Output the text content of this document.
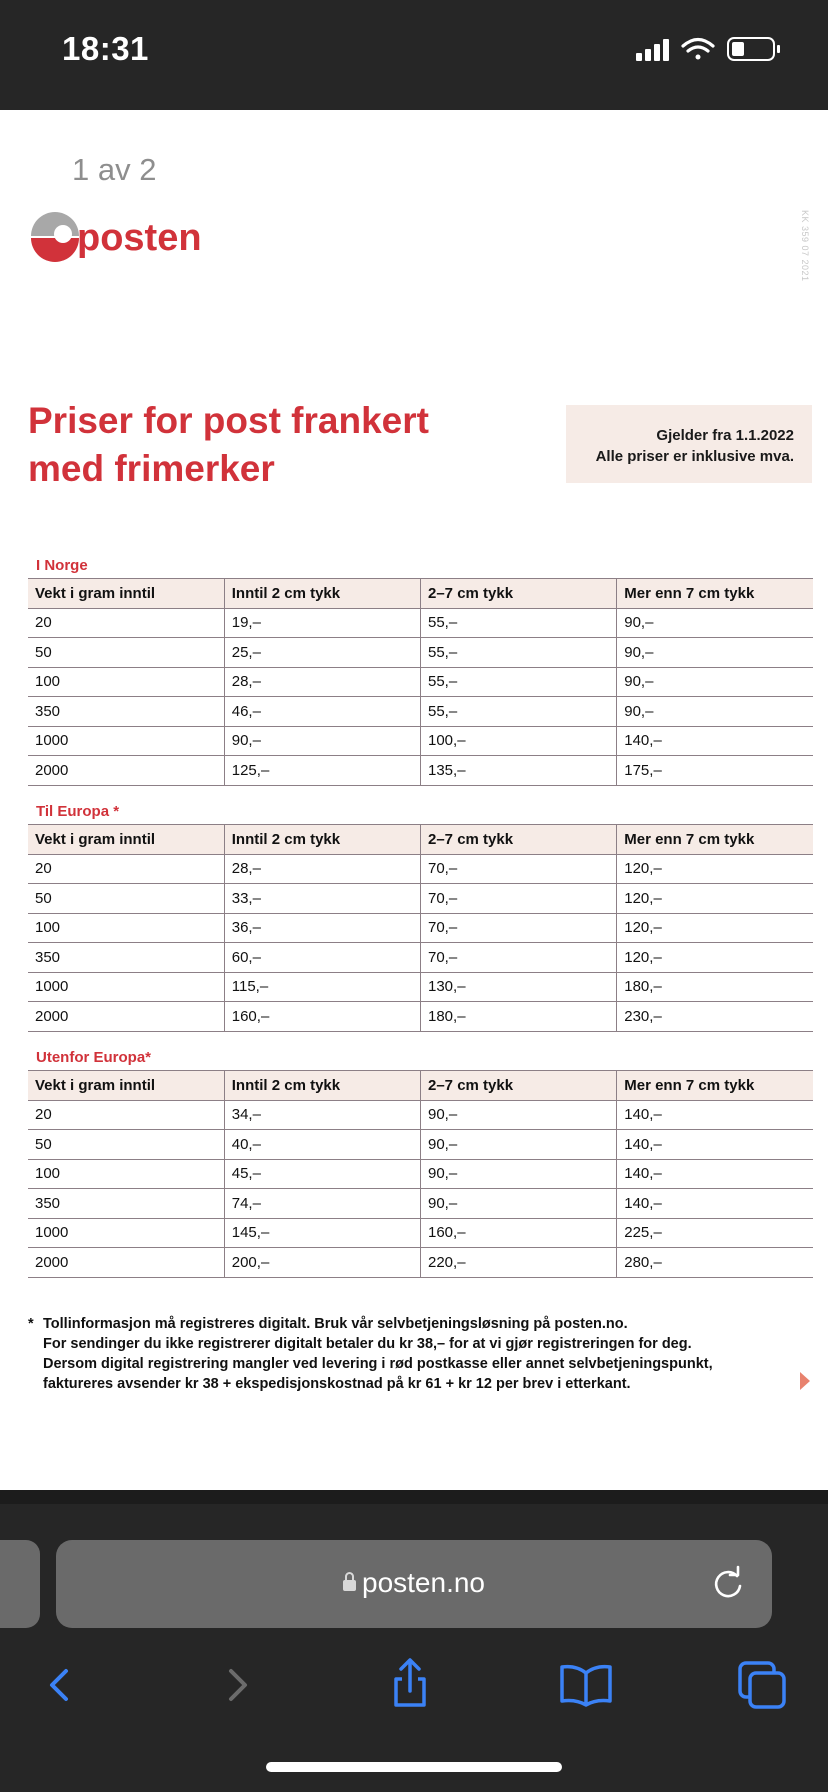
18:31
1 av 2
posten	KK 359 07 2021
Priser for post frankert
med frimerker
Gjelder fra 1.1.2022
Alle priser er inklusive mva.
I Norge
Vekt i gram inntil	Inntil 2 cm tykk	2–7 cm tykk	Mer enn 7 cm tykk
20	19,–	55,–	90,–
50	25,–	55,–	90,–
100	28,–	55,–	90,–
350	46,–	55,–	90,–
1000	90,–	100,–	140,–
2000	125,–	135,–	175,–
Til Europa *
Vekt i gram inntil	Inntil 2 cm tykk	2–7 cm tykk	Mer enn 7 cm tykk
20	28,–	70,–	120,–
50	33,–	70,–	120,–
100	36,–	70,–	120,–
350	60,–	70,–	120,–
1000	115,–	130,–	180,–
2000	160,–	180,–	230,–
Utenfor Europa*
Vekt i gram inntil	Inntil 2 cm tykk	2–7 cm tykk	Mer enn 7 cm tykk
20	34,–	90,–	140,–
50	40,–	90,–	140,–
100	45,–	90,–	140,–
350	74,–	90,–	140,–
1000	145,–	160,–	225,–
2000	200,–	220,–	280,–
* Tollinformasjon må registreres digitalt. Bruk vår selvbetjeningsløsning på posten.no.
For sendinger du ikke registrerer digitalt betaler du kr 38,– for at vi gjør registreringen for deg.
Dersom digital registrering mangler ved levering i rød postkasse eller annet selvbetjeningspunkt,
faktureres avsender kr 38 + ekspedisjonskostnad på kr 61 + kr 12 per brev i etterkant.
posten.no
